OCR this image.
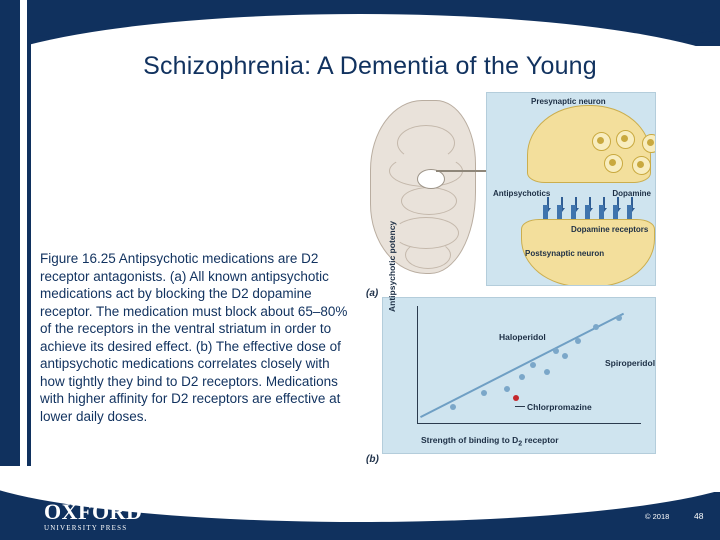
Schizophrenia: A Dementia of the Young
Figure 16.25 Antipsychotic medications are D2 receptor antagonists. (a) All known antipsychotic medications act by blocking the D2 dopamine receptor. The medication must block about 65–80% of the receptors in the ventral striatum in order to achieve its desired effect. (b) The effective dose of antipsychotic medications correlates closely with how tightly they bind to D2 receptors. Medications with higher affinity for D2 receptors are effective at lower daily doses.
Presynaptic neuron
Antipsychotics	Dopamine
Dopamine receptors
Postsynaptic neuron
(a) Antipsychotic potency
Haloperidol
Spiroperidol
Chlorpromazine
Strength of binding to $D_2$ receptor
(b)
OXFORD
UNIVERSITY PRESS
© 2018	48
